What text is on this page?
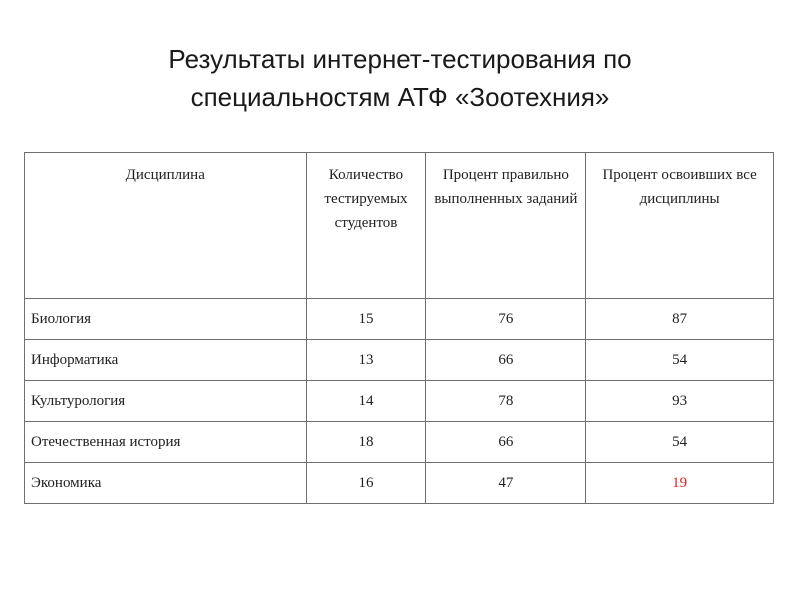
Результаты интернет-тестирования по
специальностям АТФ «Зоотехния»
Дисциплина	Количество тестируемых студентов	Процент правильно выполненных заданий	Процент освоивших все дисциплины
Биология	15	76	87
Информатика	13	66	54
Культурология	14	78	93
Отечественная история	18	66	54
Экономика	16	47	19
